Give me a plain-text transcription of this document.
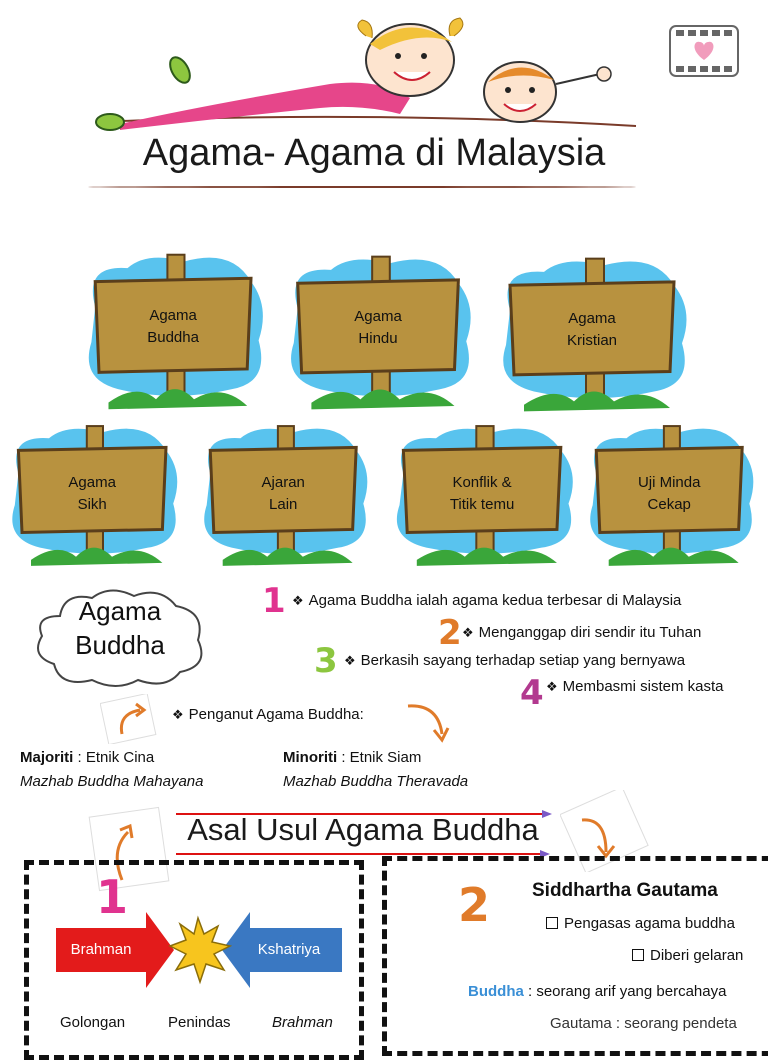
Agama- Agama di Malaysia
Agama
Buddha
Agama
Hindu
Agama
Kristian
Agama
Sikh
Ajaran
Lain
Konflik &
Titik temu
Uji Minda
Cekap
Agama
Buddha
1 ❖ Agama Buddha ialah agama kedua terbesar di Malaysia
2 ❖ Menganggap diri sendir itu Tuhan
3 ❖ Berkasih sayang terhadap setiap yang bernyawa
4 ❖ Membasmi sistem kasta
❖ Penganut Agama Buddha:
Majoriti : Etnik Cina
Mazhab Buddha Mahayana
Minoriti : Etnik Siam
Mazhab Buddha Theravada
Asal Usul Agama Buddha
1
Brahman	Kshatriya
Golongan	Penindas	Brahman
2 Siddhartha Gautama
Pengasas agama buddha
Diberi gelaran
Buddha : seorang arif yang bercahaya
Gautama : seorang pendeta
